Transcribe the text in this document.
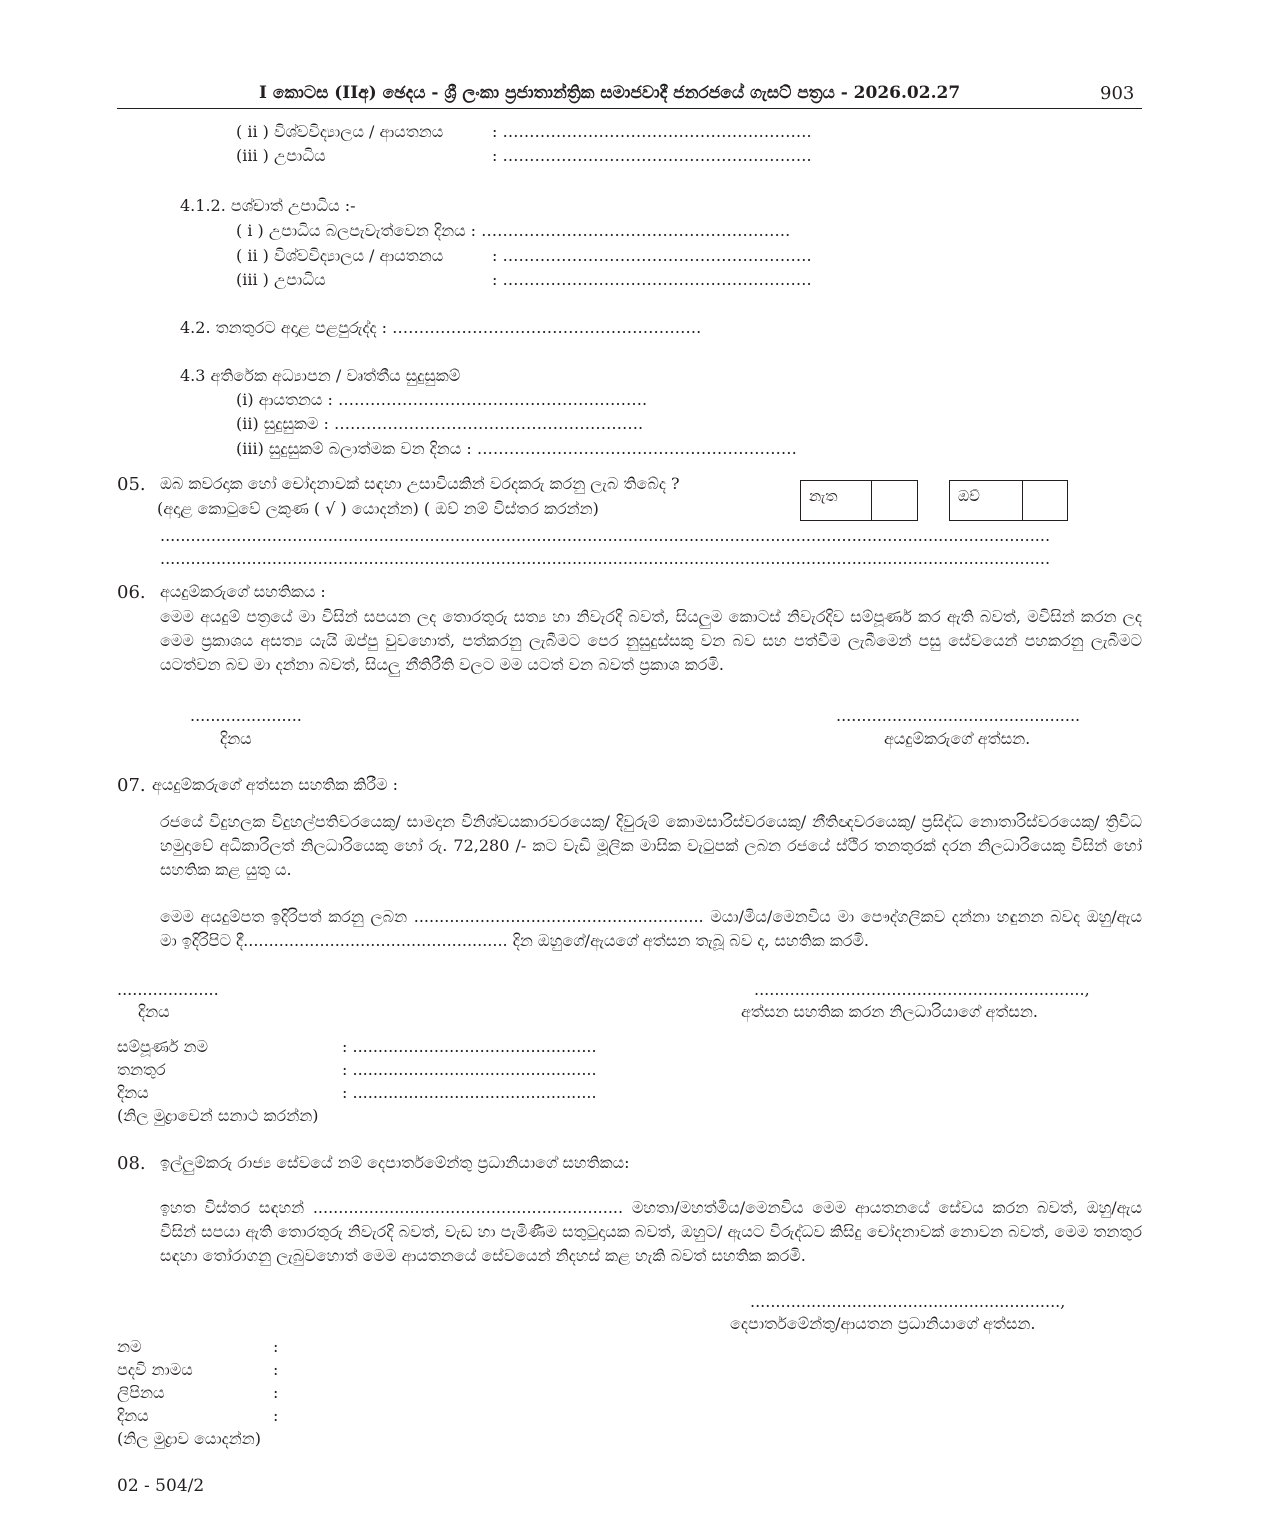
I කොටස (IIඅ) ඡෙදය - ශ්‍රී ලංකා ප්‍රජාතාන්ත්‍රික සමාජවාදී ජනරජයේ ගැසට් පත්‍රය - 2026.02.27	903
( ii ) විශ්වවිද්‍යාලය / ආයතනය	: ………………………………………………….
(iii ) උපාධිය	: ………………………………………………….
4.1.2. පශ්චාත් උපාධිය :-
( i ) උපාධිය බලපැවැත්වෙන දිනය : ………………………………………………….
( ii ) විශ්වවිද්‍යාලය / ආයතනය	: ………………………………………………….
(iii ) උපාධිය	: ………………………………………………….
4.2. තනතුරට අදාළ පළපුරුද්ද : ………………………………………………….
4.3 අතිරේක අධ්‍යාපන / වෘත්තීය සුදුසුකම්
(i) ආයතනය : ………………………………………………….
(ii) සුදුසුකම : ………………………………………………….
(iii) සුදුසුකම් බලාත්මක වන දිනය : ……………………………………………………
05. ඔබ කවරදාක හෝ චෝදනාවක් සඳහා උසාවියකින් වරදකරු කරනු ලැබ තිබේද ?
(අදාළ කොටුවේ ලකුණ ( √ ) යොදන්න) ( ඔව් නම් විස්තර කරන්න)
නැත	ඔව්
...............................................................................................................................................................................
...............................................................................................................................................................................
06. අයදුම්කරුගේ සහතිකය :
මෙම අයදුම් පත්‍රයේ මා විසින් සපයන ලද තොරතුරු සත්‍ය හා නිවැරදි බවත්, සියලුම කොටස් නිවැරදිව සම්පූර්ණ කර ඇති බවත්, මවිසින් කරන ලද මෙම ප්‍රකාශය අසත්‍ය යැයි ඔප්පු වුවහොත්, පත්කරනු ලැබීමට පෙර නුසුදුස්සකු වන බව සහ පත්වීම ලැබීමෙන් පසු සේවයෙන් පහකරනු ලැබීමට යටත්වන බව මා දන්නා බවත්, සියලු නීතිරීති වලට මම යටත් වන බවත් ප්‍රකාශ කරමි.
......................
දිනය
................................................
අයදුම්කරුගේ අත්සන.
07. අයදුම්කරුගේ අත්සන සහතික කිරීම :
රජයේ විදුහලක විදුහල්පතිවරයෙකු/ සාමදාන විනිශ්චයකාරවරයෙකු/ දිවුරුම් කොමසාරිස්වරයෙකු/ නීතිඥවරයෙකු/ ප්‍රසිද්ධ නොතාරිස්වරයෙකු/ ත්‍රිවිධ හමුදාවේ අධිකාරිලත් නිලධාරියෙකු හෝ රු. 72,280 /- කට වැඩි මූලික මාසික වැටුපක් ලබන රජයේ ස්ථිර තනතුරක් දරන නිලධාරියෙකු විසින් හෝ සහතික කළ යුතු ය.
මෙම අයදුම්පත ඉදිරිපත් කරනු ලබන ......................................................... මයා/මිය/මෙනවිය මා පෞද්ගලිකව දන්නා හඳුනන බවද ඔහු/ඇය මා ඉදිරිපිට දී.................................................... දින ඔහුගේ/ඇයගේ අත්සන තැබූ බව ද, සහතික කරමි.
....................
දිනය
.................................................................,
අත්සන සහතික කරන නිලධාරියාගේ අත්සන.
සම්පූර්ණ නම	: ................................................
තනතුර	: ................................................
දිනය	: ................................................
(නිල මුද්‍රාවෙන් සනාථ කරන්න)
08. ඉල්ලුම්කරු රාජ්‍ය සේවයේ නම් දෙපාර්තමේන්තු ප්‍රධානියාගේ සහතිකය:
ඉහත විස්තර සඳහන් ............................................................. මහතා/මහත්මිය/මෙනවිය මෙම ආයතනයේ සේවය කරන බවත්, ඔහු/ඇය විසින් සපයා ඇති තොරතුරු නිවැරදි බවත්, වැඩ හා පැමිණීම සතුටුදායක බවත්, ඔහුට/ ඇයට විරුද්ධව කිසිදු චෝදනාවක් නොවන බවත්, මෙම තනතුර සඳහා තෝරාගනු ලැබුවහොත් මෙම ආයතනයේ සේවයෙන් නිදහස් කළ හැකි බවත් සහතික කරමි.
.............................................................,
දෙපාර්තමේන්තු/ආයතන ප්‍රධානියාගේ අත්සන.
නම	:
පදවි නාමය	:
ලිපිනය	:
දිනය	:
(නිල මුද්‍රාව යොදන්න)
02 - 504/2
